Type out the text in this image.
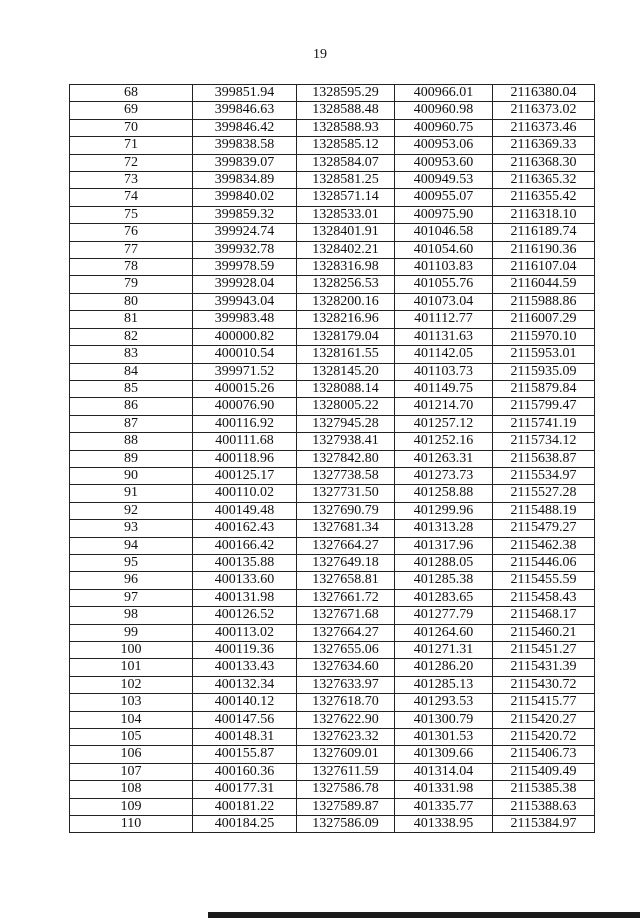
19
68	399851.94	1328595.29	400966.01	2116380.04
69	399846.63	1328588.48	400960.98	2116373.02
70	399846.42	1328588.93	400960.75	2116373.46
71	399838.58	1328585.12	400953.06	2116369.33
72	399839.07	1328584.07	400953.60	2116368.30
73	399834.89	1328581.25	400949.53	2116365.32
74	399840.02	1328571.14	400955.07	2116355.42
75	399859.32	1328533.01	400975.90	2116318.10
76	399924.74	1328401.91	401046.58	2116189.74
77	399932.78	1328402.21	401054.60	2116190.36
78	399978.59	1328316.98	401103.83	2116107.04
79	399928.04	1328256.53	401055.76	2116044.59
80	399943.04	1328200.16	401073.04	2115988.86
81	399983.48	1328216.96	401112.77	2116007.29
82	400000.82	1328179.04	401131.63	2115970.10
83	400010.54	1328161.55	401142.05	2115953.01
84	399971.52	1328145.20	401103.73	2115935.09
85	400015.26	1328088.14	401149.75	2115879.84
86	400076.90	1328005.22	401214.70	2115799.47
87	400116.92	1327945.28	401257.12	2115741.19
88	400111.68	1327938.41	401252.16	2115734.12
89	400118.96	1327842.80	401263.31	2115638.87
90	400125.17	1327738.58	401273.73	2115534.97
91	400110.02	1327731.50	401258.88	2115527.28
92	400149.48	1327690.79	401299.96	2115488.19
93	400162.43	1327681.34	401313.28	2115479.27
94	400166.42	1327664.27	401317.96	2115462.38
95	400135.88	1327649.18	401288.05	2115446.06
96	400133.60	1327658.81	401285.38	2115455.59
97	400131.98	1327661.72	401283.65	2115458.43
98	400126.52	1327671.68	401277.79	2115468.17
99	400113.02	1327664.27	401264.60	2115460.21
100	400119.36	1327655.06	401271.31	2115451.27
101	400133.43	1327634.60	401286.20	2115431.39
102	400132.34	1327633.97	401285.13	2115430.72
103	400140.12	1327618.70	401293.53	2115415.77
104	400147.56	1327622.90	401300.79	2115420.27
105	400148.31	1327623.32	401301.53	2115420.72
106	400155.87	1327609.01	401309.66	2115406.73
107	400160.36	1327611.59	401314.04	2115409.49
108	400177.31	1327586.78	401331.98	2115385.38
109	400181.22	1327589.87	401335.77	2115388.63
110	400184.25	1327586.09	401338.95	2115384.97
